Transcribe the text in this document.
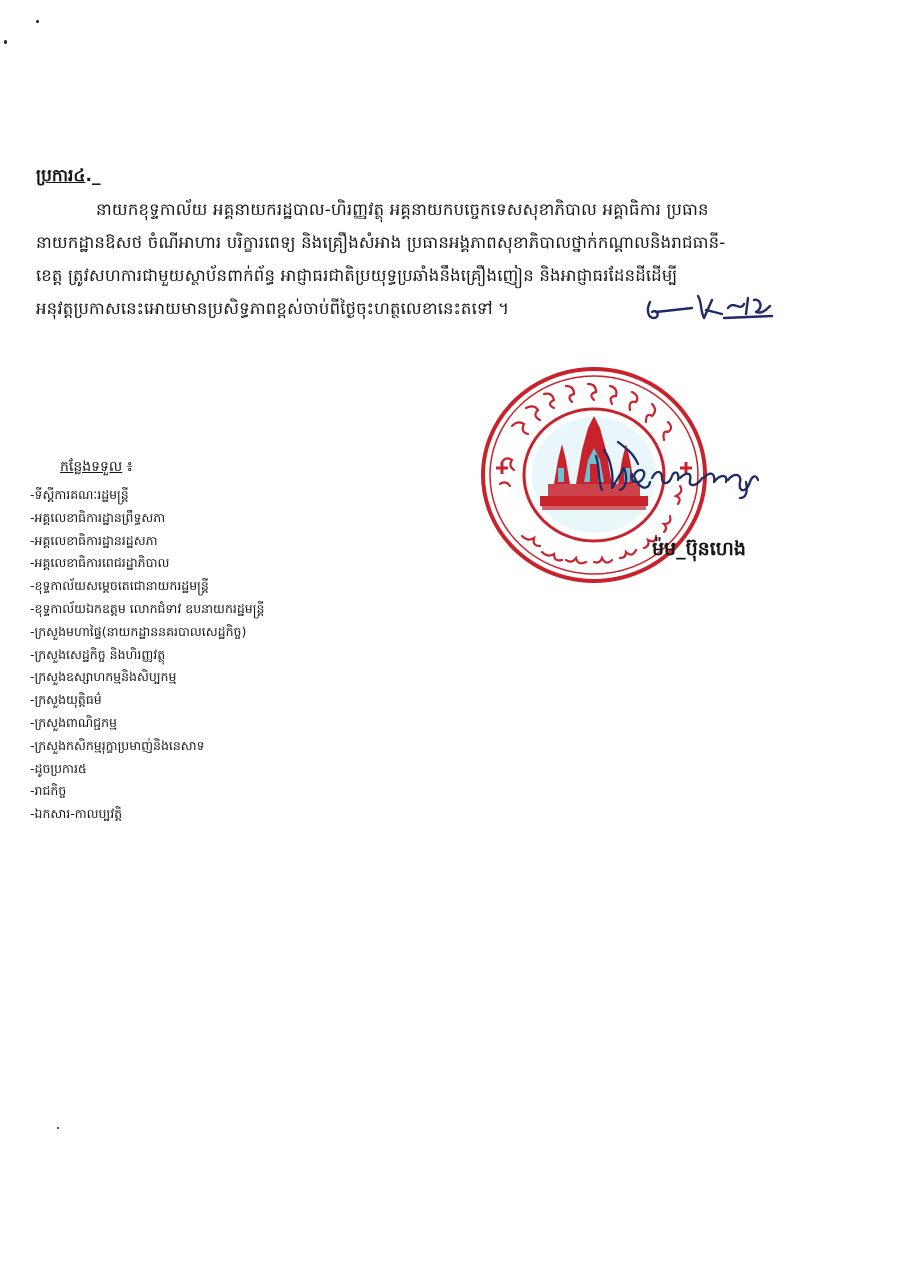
ប្រការ៤._
នាយកខុទ្ទកាល័យ អគ្គនាយករដ្ឋបាល-ហិរញ្ញវត្ថុ អគ្គនាយកបច្ចេកទេសសុខាភិបាល អគ្គាធិការ ប្រធាន
នាយកដ្ឋានឱសថ ចំណីអាហារ បរិក្ខារពេទ្យ និងគ្រឿងសំអាង ប្រធានអង្គភាពសុខាភិបាលថ្នាក់កណ្ដាលនិងរាជធានី-
ខេត្ត ត្រូវសហការជាមួយស្ថាប័នពាក់ព័ន្ធ អាជ្ញាធរជាតិប្រយុទ្ធប្រឆាំងនឹងគ្រឿងញៀន និងអាជ្ញាធរដែនដីដើម្បី
អនុវត្តប្រកាសនេះអោយមានប្រសិទ្ធភាពខ្ពស់ចាប់ពីថ្ងៃចុះហត្ថលេខានេះតទៅ ។
ម៉ម_ប៊ុនហេង
កន្លែងទទួល ៖
-ទីស្ដីការគណៈរដ្ឋមន្ត្រី
-អគ្គលេខាធិការដ្ឋានព្រឹទ្ធសភា
-អគ្គលេខាធិការដ្ឋានរដ្ឋសភា
-អគ្គលេខាធិការពេជរដ្ឋាភិបាល
-ខុទ្ទកាល័យសម្ដេចតេជោនាយករដ្ឋមន្ត្រី
-ខុទ្ទកាល័យឯកឧត្តម លោកជំទាវ ឧបនាយករដ្ឋមន្ត្រី
-ក្រសួងមហាផ្ទៃ(នាយកដ្ឋាននគរបាលសេដ្ឋកិច្ច)
-ក្រសួងសេដ្ឋកិច្ច និងហិរញ្ញវត្ថុ
-ក្រសួងឧស្សាហកម្មនិងសិប្បកម្ម
-ក្រសួងយុត្តិធម៌
-ក្រសួងពាណិជ្ជកម្ម
-ក្រសួងកសិកម្មរុក្ខាប្រមាញ់និងនេសាទ
-ដូចប្រការ៥
-រាជកិច្ច
-ឯកសារ-កាលប្បវត្តិ
